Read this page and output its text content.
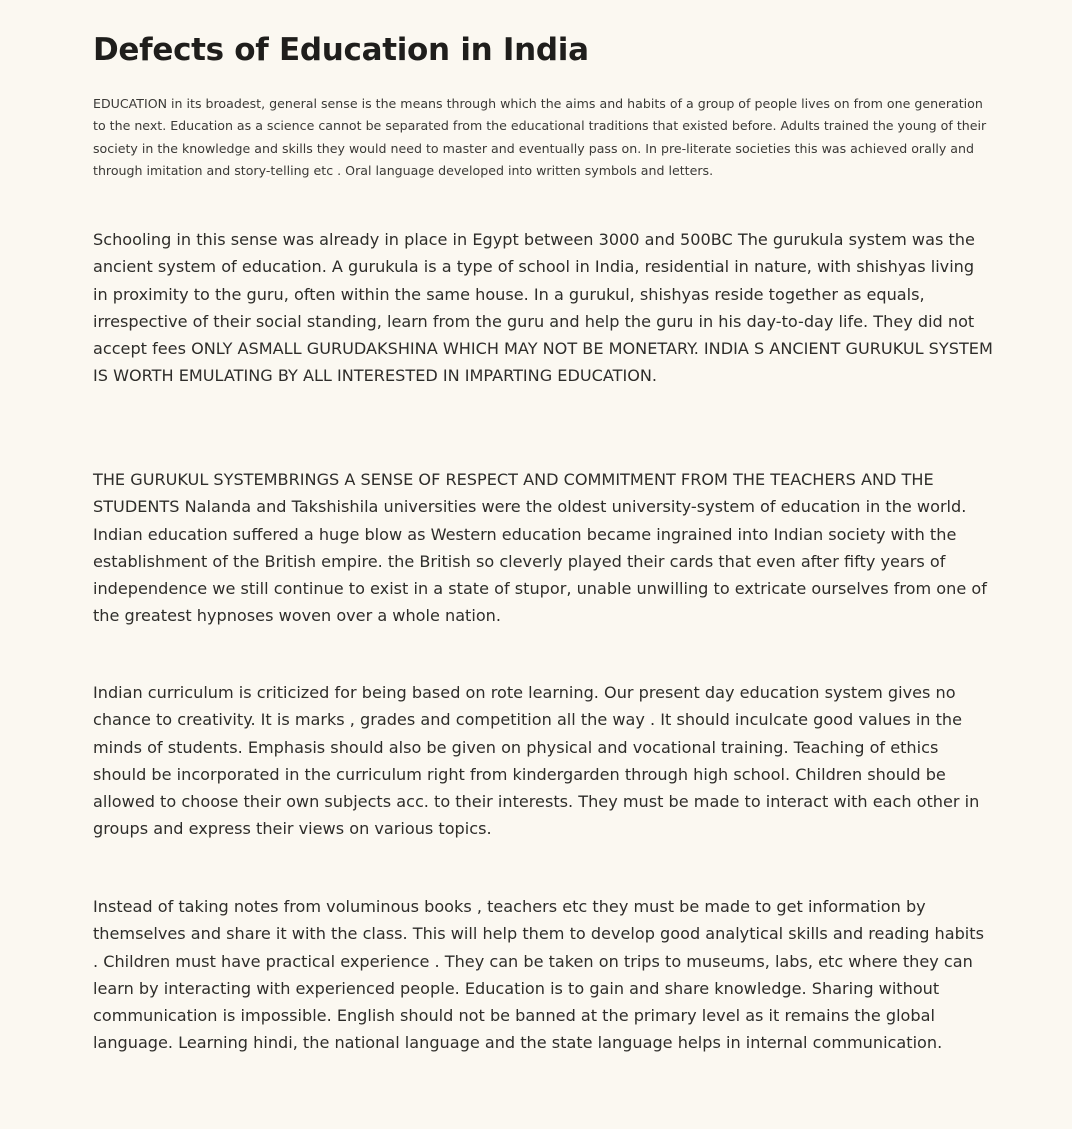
Defects of Education in India

EDUCATION in its broadest, general sense is the means through which the aims and habits of a group of people lives on from one generation to the next. Education as a science cannot be separated from the educational traditions that existed before. Adults trained the young of their society in the knowledge and skills they would need to master and eventually pass on. In pre-literate societies this was achieved orally and through imitation and story-telling etc . Oral language developed into written symbols and letters.

Schooling in this sense was already in place in Egypt between 3000 and 500BC The gurukula system was the ancient system of education. A gurukula is a type of school in India, residential in nature, with shishyas living in proximity to the guru, often within the same house. In a gurukul, shishyas reside together as equals, irrespective of their social standing, learn from the guru and help the guru in his day-to-day life. They did not accept fees ONLY ASMALL GURUDAKSHINA WHICH MAY NOT BE MONETARY. INDIA S ANCIENT GURUKUL SYSTEM IS WORTH EMULATING BY ALL INTERESTED IN IMPARTING EDUCATION.

THE GURUKUL SYSTEMBRINGS A SENSE OF RESPECT AND COMMITMENT FROM THE TEACHERS AND THE STUDENTS Nalanda and Takshishila universities were the oldest university-system of education in the world. Indian education suffered a huge blow as Western education became ingrained into Indian society with the establishment of the British empire. the British so cleverly played their cards that even after fifty years of independence we still continue to exist in a state of stupor, unable unwilling to extricate ourselves from one of the greatest hypnoses woven over a whole nation.

Indian curriculum is criticized for being based on rote learning. Our present day education system gives no chance to creativity. It is marks , grades and competition all the way . It should inculcate good values in the minds of students. Emphasis should also be given on physical and vocational training. Teaching of ethics should be incorporated in the curriculum right from kindergarden through high school. Children should be allowed to choose their own subjects acc. to their interests. They must be made to interact with each other in groups and express their views on various topics.

Instead of taking notes from voluminous books , teachers etc they must be made to get information by themselves and share it with the class. This will help them to develop good analytical skills and reading habits . Children must have practical experience . They can be taken on trips to museums, labs, etc where they can learn by interacting with experienced people. Education is to gain and share knowledge. Sharing without communication is impossible. English should not be banned at the primary level as it remains the global language. Learning hindi, the national language and the state language helps in internal communication.
